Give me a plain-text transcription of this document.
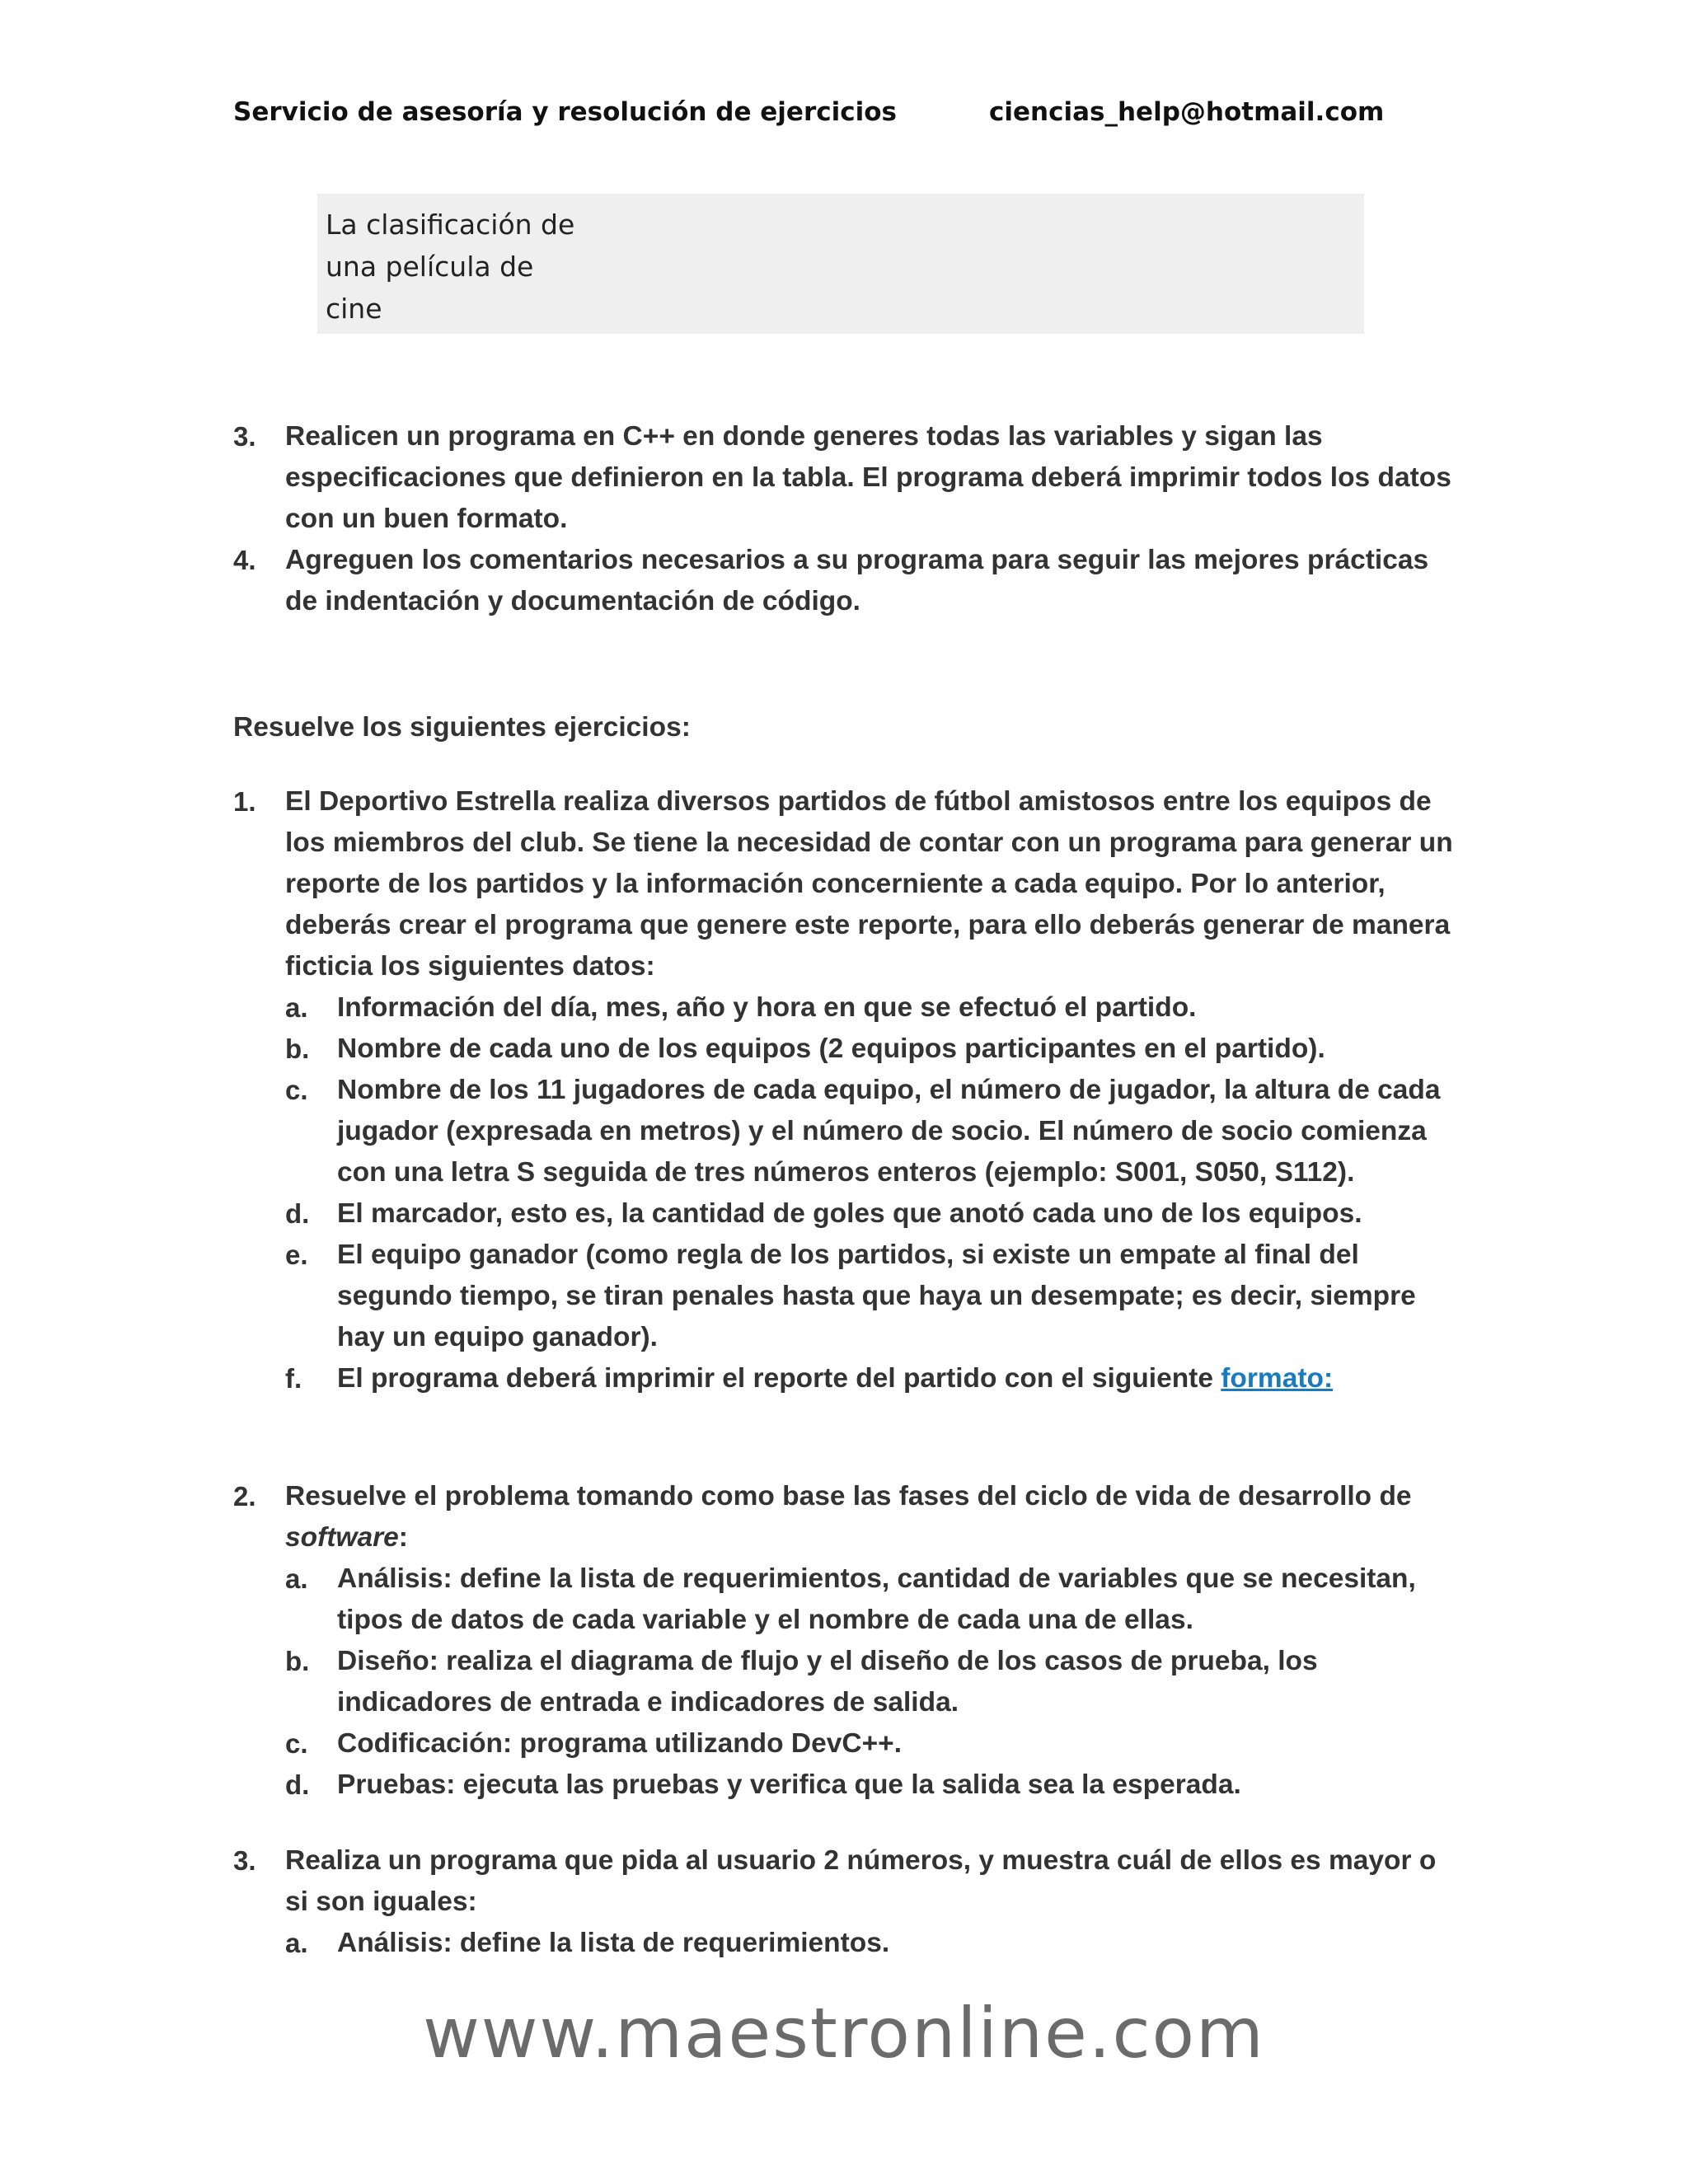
Servicio de asesoría y resolución de ejercicios	ciencias_help@hotmail.com
La clasificación de
una película de
cine
3.	Realicen un programa en C++ en donde generes todas las variables y sigan las especificaciones que definieron en la tabla. El programa deberá imprimir todos los datos con un buen formato.
4.	Agreguen los comentarios necesarios a su programa para seguir las mejores prácticas de indentación y documentación de código.
Resuelve los siguientes ejercicios:
1.	El Deportivo Estrella realiza diversos partidos de fútbol amistosos entre los equipos de los miembros del club. Se tiene la necesidad de contar con un programa para generar un reporte de los partidos y la información concerniente a cada equipo. Por lo anterior, deberás crear el programa que genere este reporte, para ello deberás generar de manera ficticia los siguientes datos:
a.	Información del día, mes, año y hora en que se efectuó el partido.
b.	Nombre de cada uno de los equipos (2 equipos participantes en el partido).
c.	Nombre de los 11 jugadores de cada equipo, el número de jugador, la altura de cada jugador (expresada en metros) y el número de socio. El número de socio comienza con una letra S seguida de tres números enteros (ejemplo: S001, S050, S112).
d.	El marcador, esto es, la cantidad de goles que anotó cada uno de los equipos.
e.	El equipo ganador (como regla de los partidos, si existe un empate al final del segundo tiempo, se tiran penales hasta que haya un desempate; es decir, siempre hay un equipo ganador).
f.	El programa deberá imprimir el reporte del partido con el siguiente formato:
2.	Resuelve el problema tomando como base las fases del ciclo de vida de desarrollo de software:
a.	Análisis: define la lista de requerimientos, cantidad de variables que se necesitan, tipos de datos de cada variable y el nombre de cada una de ellas.
b.	Diseño: realiza el diagrama de flujo y el diseño de los casos de prueba, los indicadores de entrada e indicadores de salida.
c.	Codificación: programa utilizando DevC++.
d.	Pruebas: ejecuta las pruebas y verifica que la salida sea la esperada.
3.	Realiza un programa que pida al usuario 2 números, y muestra cuál de ellos es mayor o si son iguales:
a.	Análisis: define la lista de requerimientos.
www.maestronline.com
